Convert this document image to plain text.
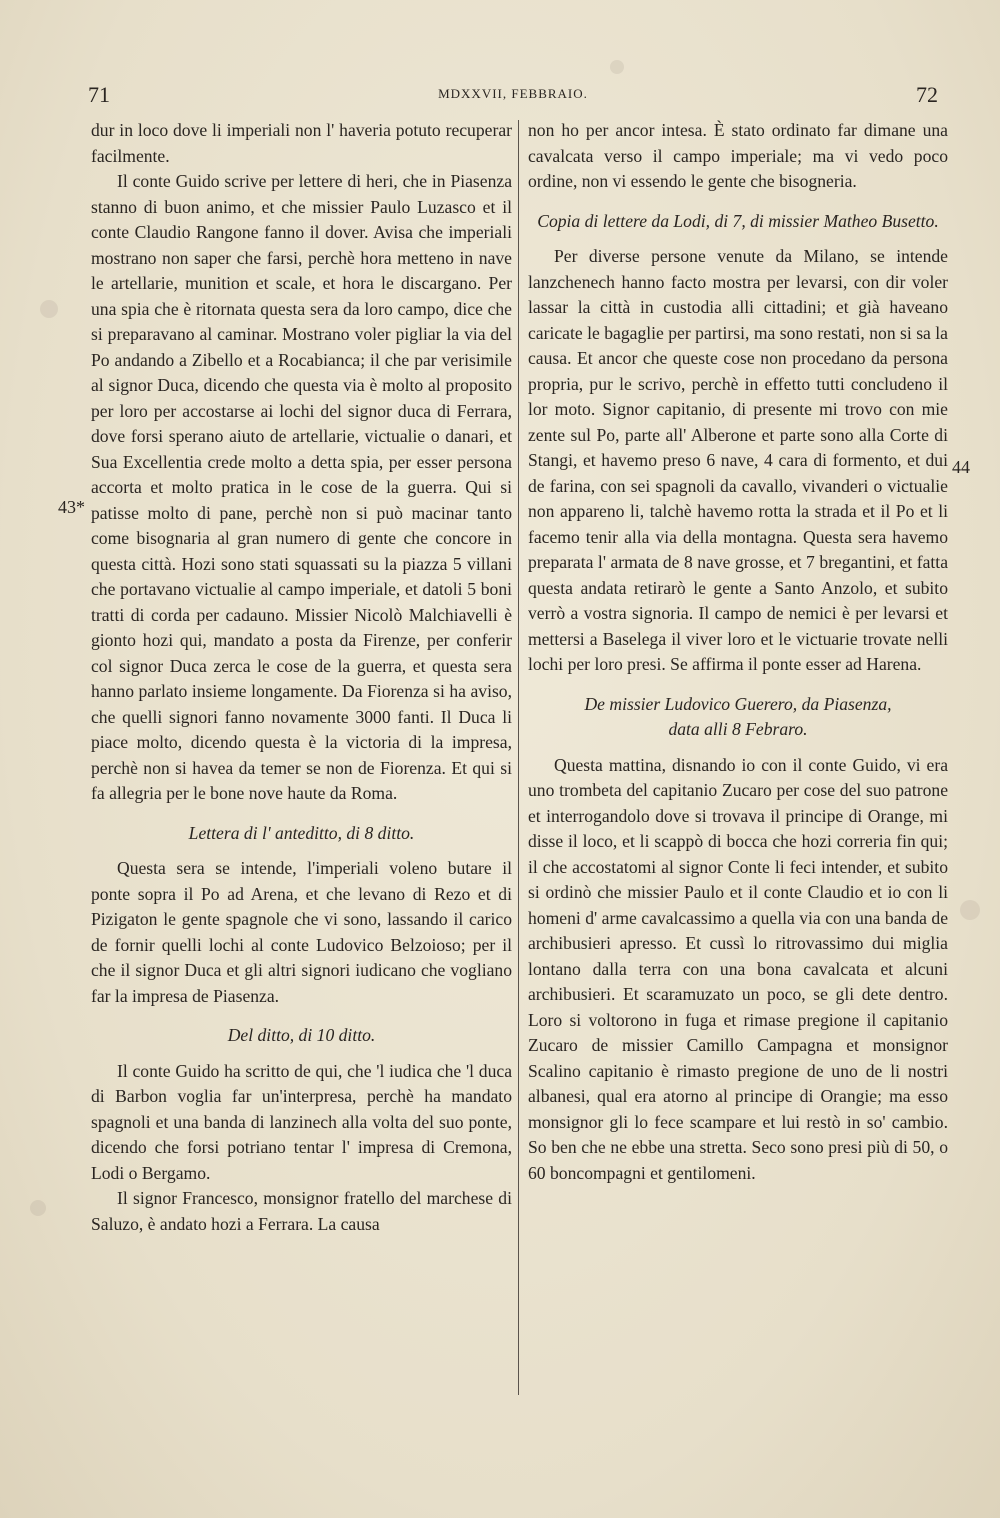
71	MDXXVII, FEBBRAIO.	72
43*
44

dur in loco dove li imperiali non l' haveria potuto recuperar facilmente.

Il conte Guido scrive per lettere di heri, che in Piasenza stanno di buon animo, et che missier Paulo Luzasco et il conte Claudio Rangone fanno il dover. Avisa che imperiali mostrano non saper che farsi, perchè hora metteno in nave le artellarie, munition et scale, et hora le discargano. Per una spia che è ritornata questa sera da loro campo, dice che si preparavano al caminar. Mostrano voler pigliar la via del Po andando a Zibello et a Rocabianca; il che par verisimile al signor Duca, dicendo che questa via è molto al proposito per loro per accostarse ai lochi del signor duca di Ferrara, dove forsi sperano aiuto de artellarie, victualie o danari, et Sua Excellentia crede molto a detta spia, per esser persona accorta et molto pratica in le cose de la guerra. Qui si patisse molto di pane, perchè non si può macinar tanto come bisognaria al gran numero di gente che concore in questa città. Hozi sono stati squassati su la piazza 5 villani che portavano victualie al campo imperiale, et datoli 5 boni tratti di corda per cadauno. Missier Nicolò Malchiavelli è gionto hozi qui, mandato a posta da Firenze, per conferir col signor Duca zerca le cose de la guerra, et questa sera hanno parlato insieme longamente. Da Fiorenza si ha aviso, che quelli signori fanno novamente 3000 fanti. Il Duca li piace molto, dicendo questa è la victoria di la impresa, perchè non si havea da temer se non de Fiorenza. Et qui si fa allegria per le bone nove haute da Roma.

Lettera di l' anteditto, di 8 ditto.

Questa sera se intende, l'imperiali voleno butare il ponte sopra il Po ad Arena, et che levano di Rezo et di Pizigaton le gente spagnole che vi sono, lassando il carico de fornir quelli lochi al conte Ludovico Belzoioso; per il che il signor Duca et gli altri signori iudicano che vogliano far la impresa de Piasenza.

Del ditto, di 10 ditto.

Il conte Guido ha scritto de qui, che 'l iudica che 'l duca di Barbon voglia far un'interpresa, perchè ha mandato spagnoli et una banda di lanzinech alla volta del suo ponte, dicendo che forsi potriano tentar l' impresa di Cremona, Lodi o Bergamo.

Il signor Francesco, monsignor fratello del marchese di Saluzo, è andato hozi a Ferrara. La causa

non ho per ancor intesa. È stato ordinato far dimane una cavalcata verso il campo imperiale; ma vi vedo poco ordine, non vi essendo le gente che bisogneria.

Copia di lettere da Lodi, di 7, di missier Matheo Busetto.

Per diverse persone venute da Milano, se intende lanzchenech hanno facto mostra per levarsi, con dir voler lassar la città in custodia alli cittadini; et già haveano caricate le bagaglie per partirsi, ma sono restati, non si sa la causa. Et ancor che queste cose non procedano da persona propria, pur le scrivo, perchè in effetto tutti concludeno il lor moto. Signor capitanio, di presente mi trovo con mie zente sul Po, parte all' Alberone et parte sono alla Corte di Stangi, et havemo preso 6 nave, 4 cara di formento, et dui de farina, con sei spagnoli da cavallo, vivanderi o victualie non appareno li, talchè havemo rotta la strada et il Po et li facemo tenir alla via della montagna. Questa sera havemo preparata l' armata de 8 nave grosse, et 7 bregantini, et fatta questa andata retirarò le gente a Santo Anzolo, et subito verrò a vostra signoria. Il campo de nemici è per levarsi et mettersi a Baselega il viver loro et le victuarie trovate nelli lochi per loro presi. Se affirma il ponte esser ad Harena.

De missier Ludovico Guerero, da Piasenza,
data alli 8 Febraro.

Questa mattina, disnando io con il conte Guido, vi era uno trombeta del capitanio Zucaro per cose del suo patrone et interrogandolo dove si trovava il principe di Orange, mi disse il loco, et li scappò di bocca che hozi correria fin qui; il che accostatomi al signor Conte li feci intender, et subito si ordinò che missier Paulo et il conte Claudio et io con li homeni d' arme cavalcassimo a quella via con una banda de archibusieri apresso. Et cussì lo ritrovassimo dui miglia lontano dalla terra con una bona cavalcata et alcuni archibusieri. Et scaramuzato un poco, se gli dete dentro. Loro si voltorono in fuga et rimase pregione il capitanio Zucaro de missier Camillo Campagna et monsignor Scalino capitanio è rimasto pregione de uno de li nostri albanesi, qual era atorno al principe di Orangie; ma esso monsignor gli lo fece scampare et lui restò in so' cambio. So ben che ne ebbe una stretta. Seco sono presi più di 50, o 60 boncompagni et gentilomeni.
